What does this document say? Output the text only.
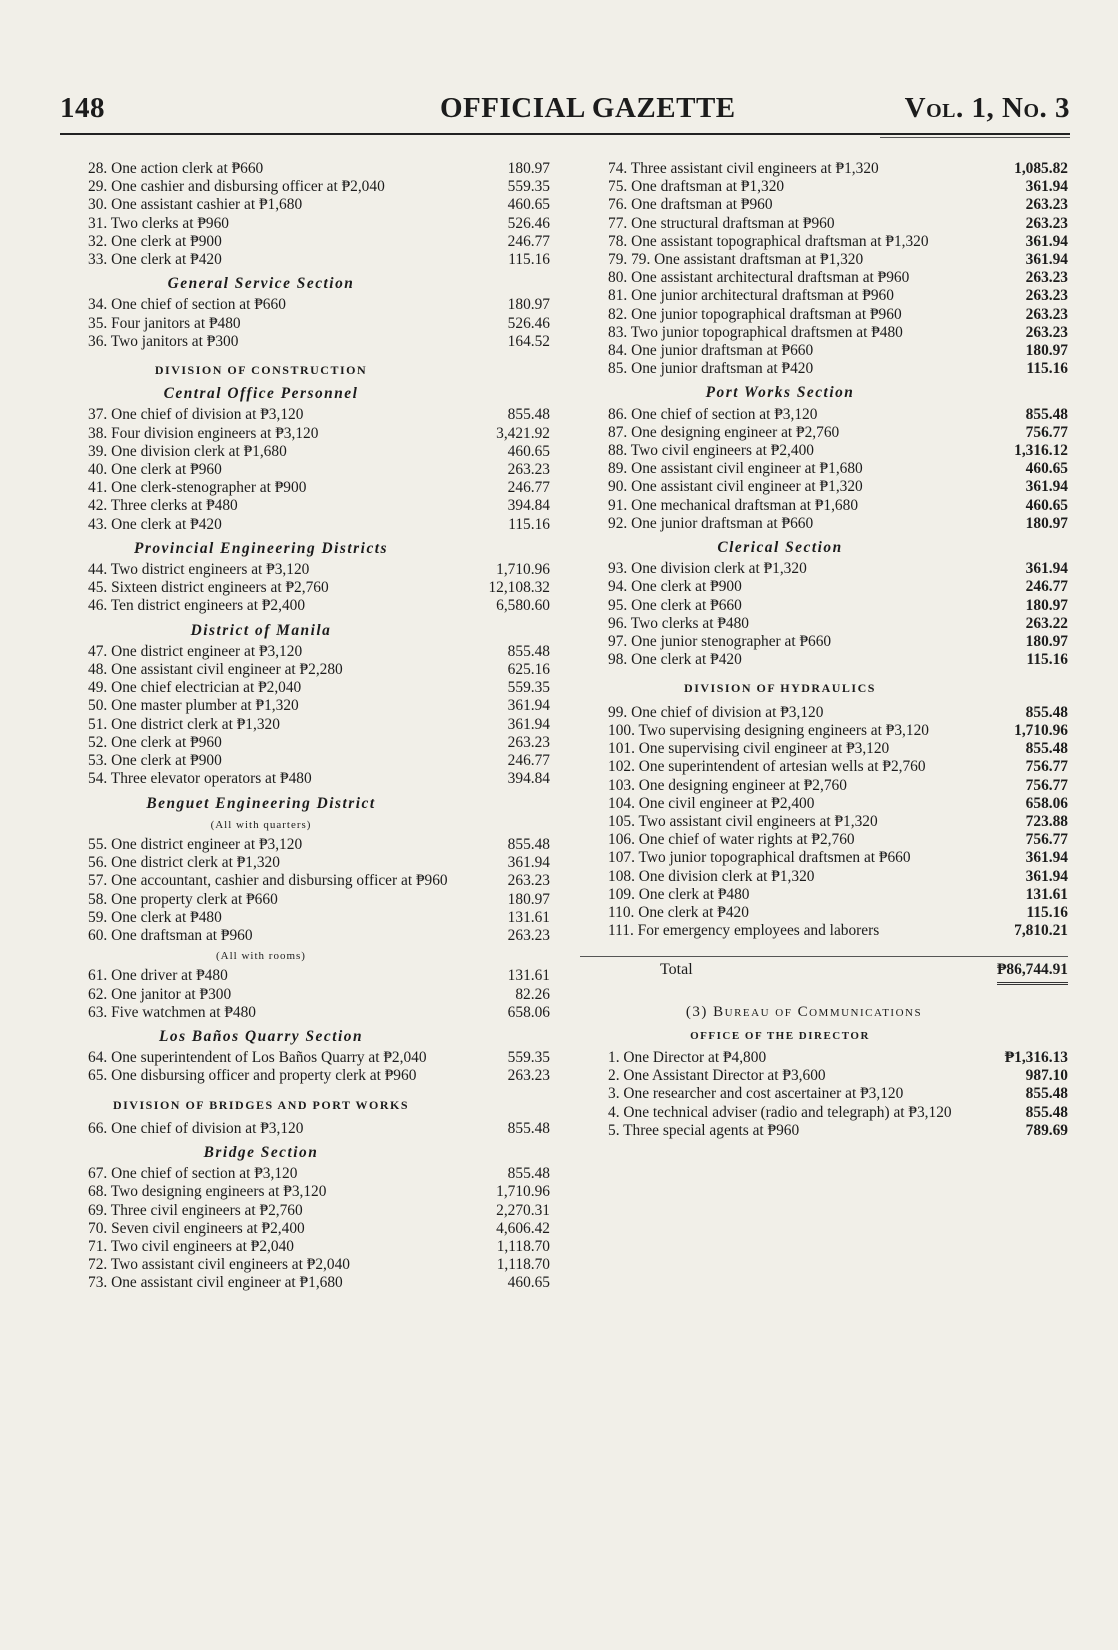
148	OFFICIAL GAZETTE	Vol. 1, No. 3
28. One action clerk at ₱660	180.97
29. One cashier and disbursing officer at ₱2,040	559.35
30. One assistant cashier at ₱1,680	460.65
31. Two clerks at ₱960	526.46
32. One clerk at ₱900	246.77
33. One clerk at ₱420	115.16
General Service Section
34. One chief of section at ₱660	180.97
35. Four janitors at ₱480	526.46
36. Two janitors at ₱300	164.52
DIVISION OF CONSTRUCTION
Central Office Personnel
37. One chief of division at ₱3,120	855.48
38. Four division engineers at ₱3,120	3,421.92
39. One division clerk at ₱1,680	460.65
40. One clerk at ₱960	263.23
41. One clerk-stenographer at ₱900	246.77
42. Three clerks at ₱480	394.84
43. One clerk at ₱420	115.16
Provincial Engineering Districts
44. Two district engineers at ₱3,120	1,710.96
45. Sixteen district engineers at ₱2,760	12,108.32
46. Ten district engineers at ₱2,400	6,580.60
District of Manila
47. One district engineer at ₱3,120	855.48
48. One assistant civil engineer at ₱2,280	625.16
49. One chief electrician at ₱2,040	559.35
50. One master plumber at ₱1,320	361.94
51. One district clerk at ₱1,320	361.94
52. One clerk at ₱960	263.23
53. One clerk at ₱900	246.77
54. Three elevator operators at ₱480	394.84
Benguet Engineering District
(All with quarters)
55. One district engineer at ₱3,120	855.48
56. One district clerk at ₱1,320	361.94
57. One accountant, cashier and disbursing officer at ₱960	263.23
58. One property clerk at ₱660	180.97
59. One clerk at ₱480	131.61
60. One draftsman at ₱960	263.23
(All with rooms)
61. One driver at ₱480	131.61
62. One janitor at ₱300	82.26
63. Five watchmen at ₱480	658.06
Los Baños Quarry Section
64. One superintendent of Los Baños Quarry at ₱2,040	559.35
65. One disbursing officer and property clerk at ₱960	263.23
DIVISION OF BRIDGES AND PORT WORKS
66. One chief of division at ₱3,120	855.48
Bridge Section
67. One chief of section at ₱3,120	855.48
68. Two designing engineers at ₱3,120	1,710.96
69. Three civil engineers at ₱2,760	2,270.31
70. Seven civil engineers at ₱2,400	4,606.42
71. Two civil engineers at ₱2,040	1,118.70
72. Two assistant civil engineers at ₱2,040	1,118.70
73. One assistant civil engineer at ₱1,680	460.65
74. Three assistant civil engineers at ₱1,320	1,085.82
75. One draftsman at ₱1,320	361.94
76. One draftsman at ₱960	263.23
77. One structural draftsman at ₱960	263.23
78. One assistant topographical draftsman at ₱1,320	361.94
79. 79. One assistant draftsman at ₱1,320	361.94
80. One assistant architectural draftsman at ₱960	263.23
81. One junior architectural draftsman at ₱960	263.23
82. One junior topographical draftsman at ₱960	263.23
83. Two junior topographical draftsmen at ₱480	263.23
84. One junior draftsman at ₱660	180.97
85. One junior draftsman at ₱420	115.16
Port Works Section
86. One chief of section at ₱3,120	855.48
87. One designing engineer at ₱2,760	756.77
88. Two civil engineers at ₱2,400	1,316.12
89. One assistant civil engineer at ₱1,680	460.65
90. One assistant civil engineer at ₱1,320	361.94
91. One mechanical draftsman at ₱1,680	460.65
92. One junior draftsman at ₱660	180.97
Clerical Section
93. One division clerk at ₱1,320	361.94
94. One clerk at ₱900	246.77
95. One clerk at ₱660	180.97
96. Two clerks at ₱480	263.22
97. One junior stenographer at ₱660	180.97
98. One clerk at ₱420	115.16
DIVISION OF HYDRAULICS
99. One chief of division at ₱3,120	855.48
100. Two supervising designing engineers at ₱3,120	1,710.96
101. One supervising civil engineer at ₱3,120	855.48
102. One superintendent of artesian wells at ₱2,760	756.77
103. One designing engineer at ₱2,760	756.77
104. One civil engineer at ₱2,400	658.06
105. Two assistant civil engineers at ₱1,320	723.88
106. One chief of water rights at ₱2,760	756.77
107. Two junior topographical draftsmen at ₱660	361.94
108. One division clerk at ₱1,320	361.94
109. One clerk at ₱480	131.61
110. One clerk at ₱420	115.16
111. For emergency employees and laborers	7,810.21
Total	₱86,744.91
(3) Bureau of Communications
OFFICE OF THE DIRECTOR
1. One Director at ₱4,800	₱1,316.13
2. One Assistant Director at ₱3,600	987.10
3. One researcher and cost ascertainer at ₱3,120	855.48
4. One technical adviser (radio and telegraph) at ₱3,120	855.48
5. Three special agents at ₱960	789.69
